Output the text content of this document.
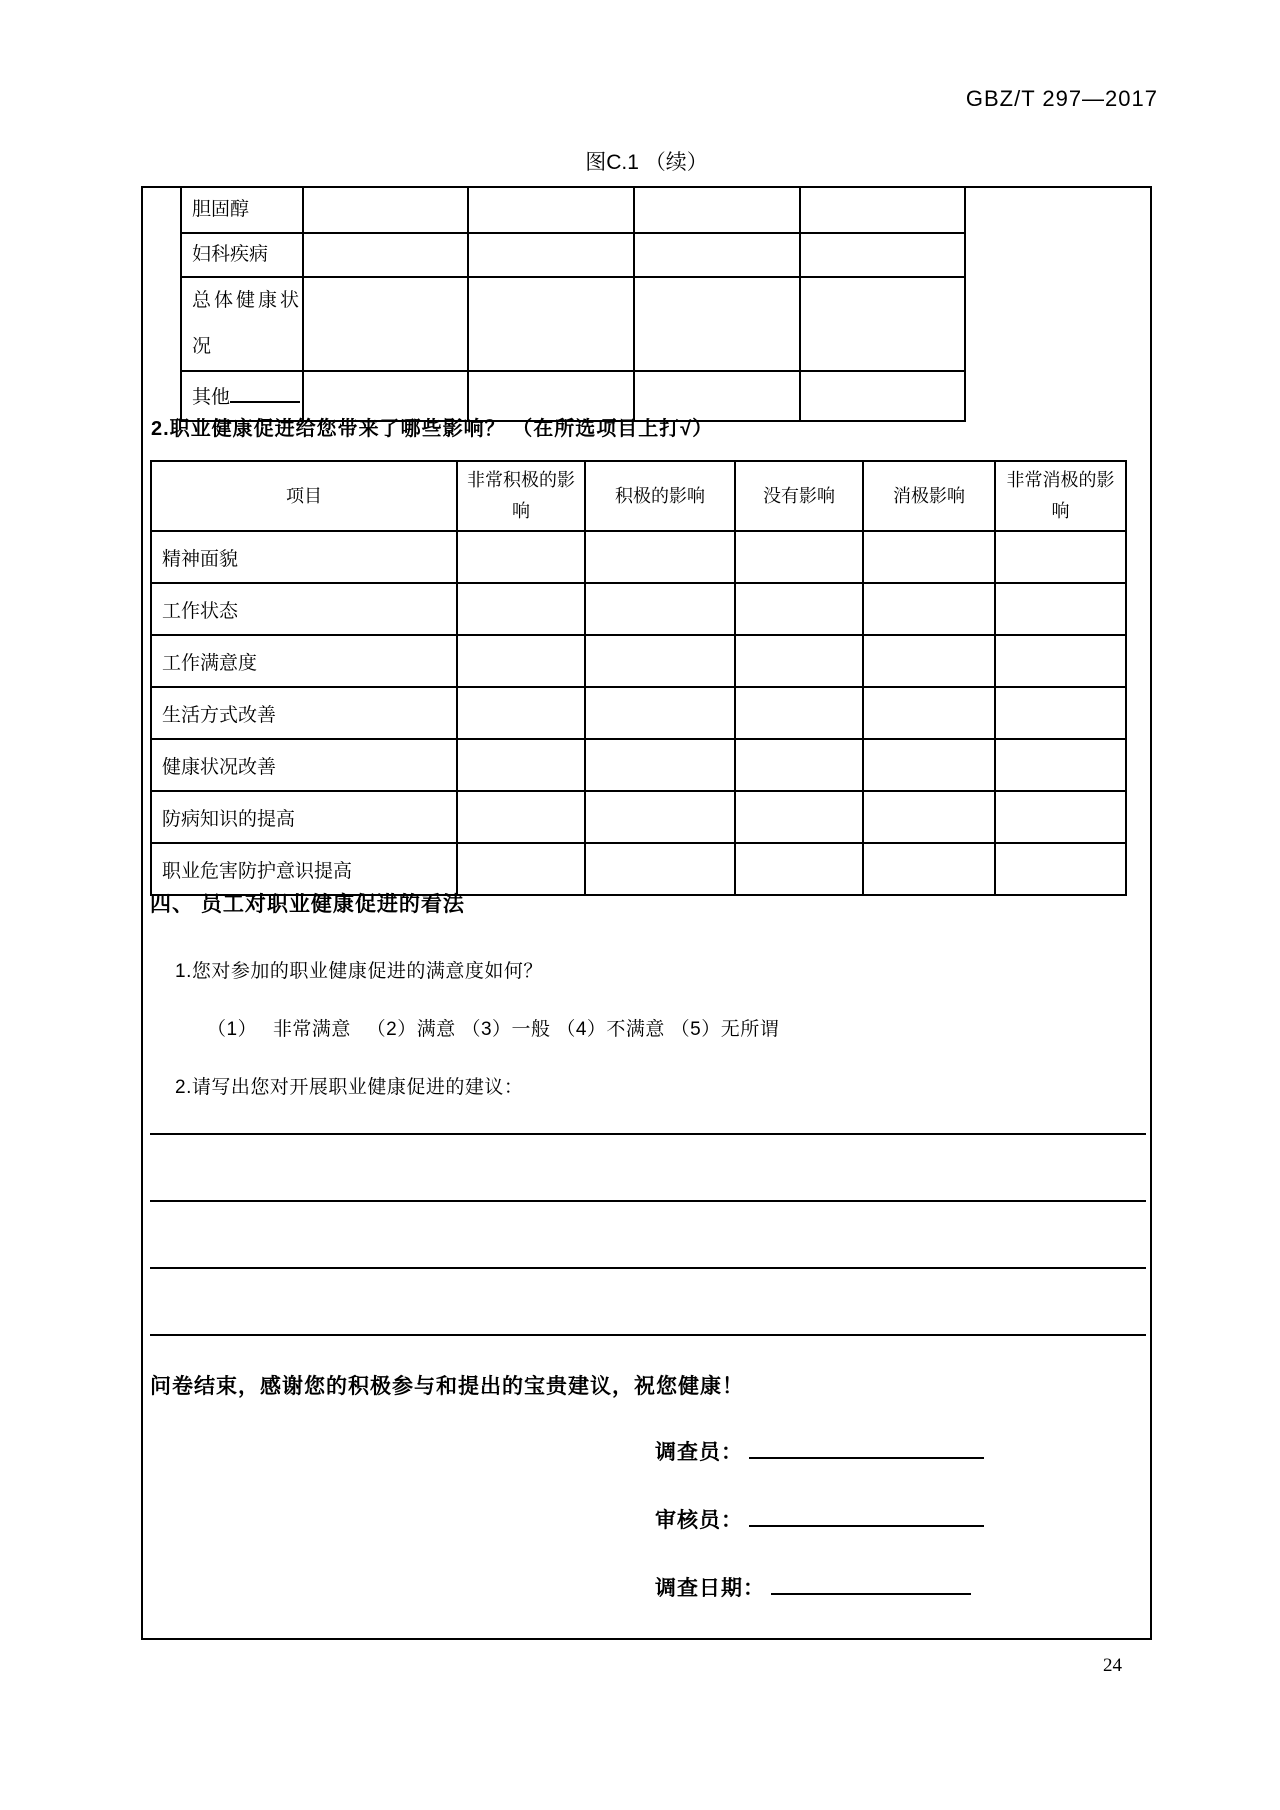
GBZ/T 297—2017
图C.1 （续）
胆固醇				
妇科疾病				
总体健康状况				
其他				
2.职业健康促进给您带来了哪些影响？ （在所选项目上打√）
项目	非常积极的影响	积极的影响	没有影响	消极影响	非常消极的影响
精神面貌					
工作状态					
工作满意度					
生活方式改善					
健康状况改善					
防病知识的提高					
职业危害防护意识提高					
四、 员工对职业健康促进的看法
1.您对参加的职业健康促进的满意度如何？
（1）　 非常满意 　（2）满意 （3）一般 （4）不满意 （5）无所谓
2.请写出您对开展职业健康促进的建议：
问卷结束，感谢您的积极参与和提出的宝贵建议，祝您健康！
调查员：
审核员：
调查日期：
24
